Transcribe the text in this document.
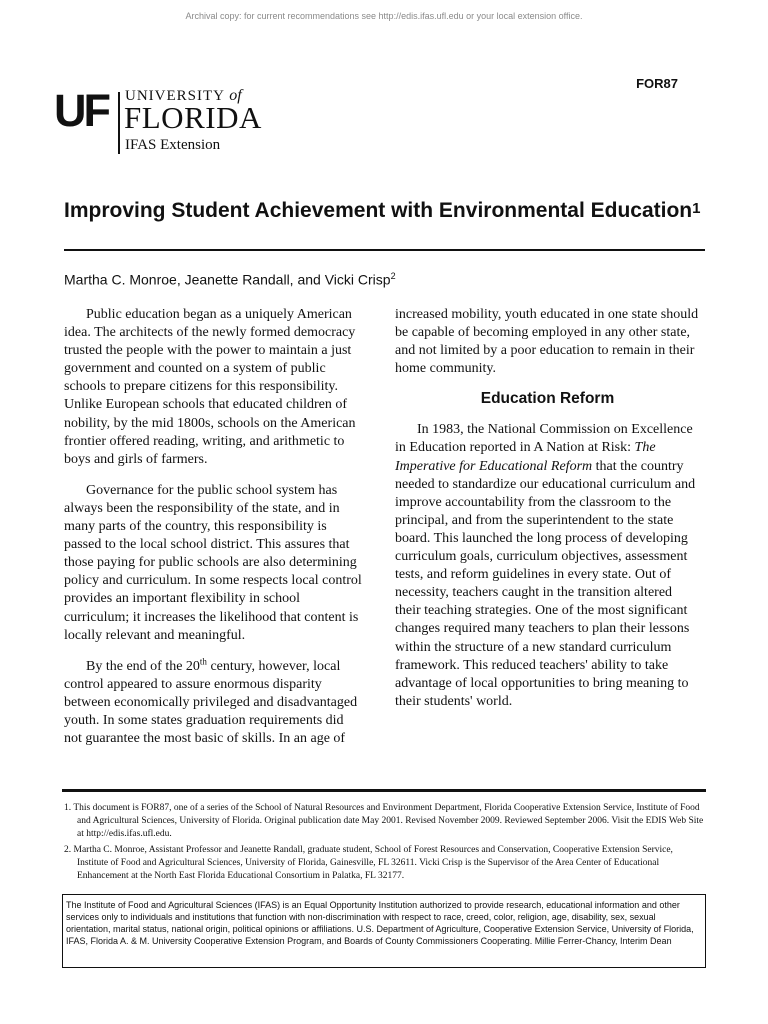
Archival copy: for current recommendations see http://edis.ifas.ufl.edu or your local extension office.
FOR87
UF UNIVERSITY of
FLORIDA
IFAS Extension
Improving Student Achievement with Environmental Education$^1$
Martha C. Monroe, Jeanette Randall, and Vicki Crisp$^2$

Public education began as a uniquely American idea. The architects of the newly formed democracy trusted the people with the power to maintain a just government and counted on a system of public schools to prepare citizens for this responsibility. Unlike European schools that educated children of nobility, by the mid 1800s, schools on the American frontier offered reading, writing, and arithmetic to boys and girls of farmers.

Governance for the public school system has always been the responsibility of the state, and in many parts of the country, this responsibility is passed to the local school district. This assures that those paying for public schools are also determining policy and curriculum. In some respects local control provides an important flexibility in school curriculum; it increases the likelihood that content is locally relevant and meaningful.

By the end of the 20th century, however, local control appeared to assure enormous disparity between economically privileged and disadvantaged youth. In some states graduation requirements did not guarantee the most basic of skills. In an age of

increased mobility, youth educated in one state should be capable of becoming employed in any other state, and not limited by a poor education to remain in their home community.

Education Reform

In 1983, the National Commission on Excellence in Education reported in A Nation at Risk: The Imperative for Educational Reform that the country needed to standardize our educational curriculum and improve accountability from the classroom to the principal, and from the superintendent to the state board. This launched the long process of developing curriculum goals, curriculum objectives, assessment tests, and reform guidelines in every state. Out of necessity, teachers caught in the transition altered their teaching strategies. One of the most significant changes required many teachers to plan their lessons within the structure of a new standard curriculum framework. This reduced teachers' ability to take advantage of local opportunities to bring meaning to their students' world.

1. This document is FOR87, one of a series of the School of Natural Resources and Environment Department, Florida Cooperative Extension Service, Institute of Food and Agricultural Sciences, University of Florida. Original publication date May 2001. Revised November 2009. Reviewed September 2006. Visit the EDIS Web Site at http://edis.ifas.ufl.edu.

2. Martha C. Monroe, Assistant Professor and Jeanette Randall, graduate student, School of Forest Resources and Conservation, Cooperative Extension Service, Institute of Food and Agricultural Sciences, University of Florida, Gainesville, FL 32611. Vicki Crisp is the Supervisor of the Area Center of Educational Enhancement at the North East Florida Educational Consortium in Palatka, FL 32177.

The Institute of Food and Agricultural Sciences (IFAS) is an Equal Opportunity Institution authorized to provide research, educational information and other services only to individuals and institutions that function with non-discrimination with respect to race, creed, color, religion, age, disability, sex, sexual orientation, marital status, national origin, political opinions or affiliations. U.S. Department of Agriculture, Cooperative Extension Service, University of Florida, IFAS, Florida A. & M. University Cooperative Extension Program, and Boards of County Commissioners Cooperating. Millie Ferrer-Chancy, Interim Dean
